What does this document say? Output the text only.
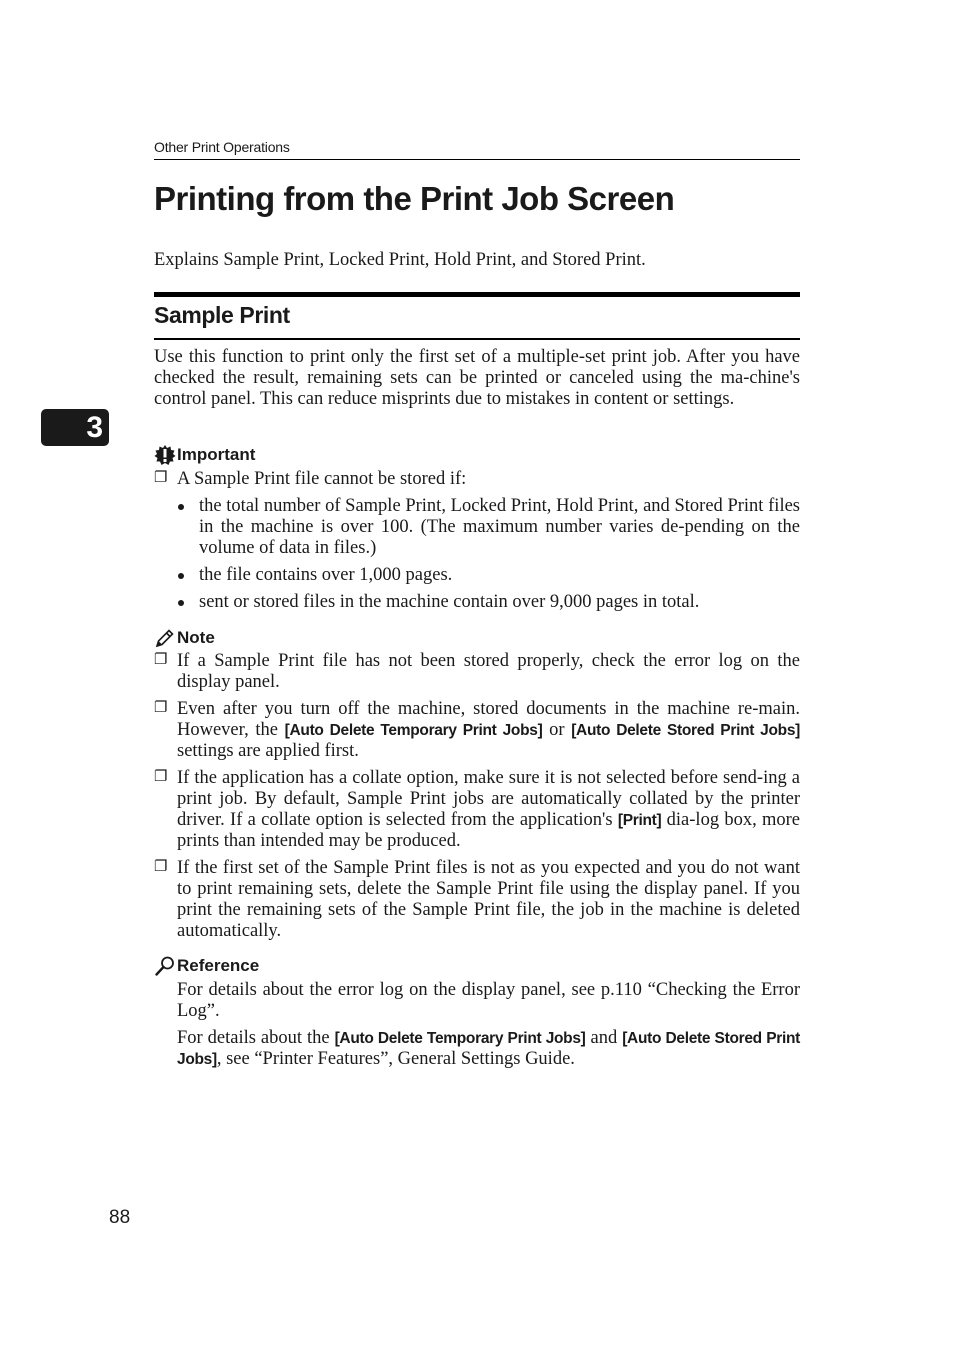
Other Print Operations
Printing from the Print Job Screen
Explains Sample Print, Locked Print, Hold Print, and Stored Print.
Sample Print
3
Use this function to print only the first set of a multiple-set print job. After you have checked the result, remaining sets can be printed or canceled using the ma-chine's control panel. This can reduce misprints due to mistakes in content or settings.
Important
❐ A Sample Print file cannot be stored if:
the total number of Sample Print, Locked Print, Hold Print, and Stored Print files in the machine is over 100. (The maximum number varies de-pending on the volume of data in files.)
the file contains over 1,000 pages.
sent or stored files in the machine contain over 9,000 pages in total.
Note
❐ If a Sample Print file has not been stored properly, check the error log on the display panel.
❐ Even after you turn off the machine, stored documents in the machine re-main. However, the [Auto Delete Temporary Print Jobs] or [Auto Delete Stored Print Jobs] settings are applied first.
❐ If the application has a collate option, make sure it is not selected before send-ing a print job. By default, Sample Print jobs are automatically collated by the printer driver. If a collate option is selected from the application's [Print] dia-log box, more prints than intended may be produced.
❐ If the first set of the Sample Print files is not as you expected and you do not want to print remaining sets, delete the Sample Print file using the display panel. If you print the remaining sets of the Sample Print file, the job in the machine is deleted automatically.
Reference
For details about the error log on the display panel, see p.110 “Checking the Error Log”.
For details about the [Auto Delete Temporary Print Jobs] and [Auto Delete Stored Print Jobs], see “Printer Features”, General Settings Guide.
88
